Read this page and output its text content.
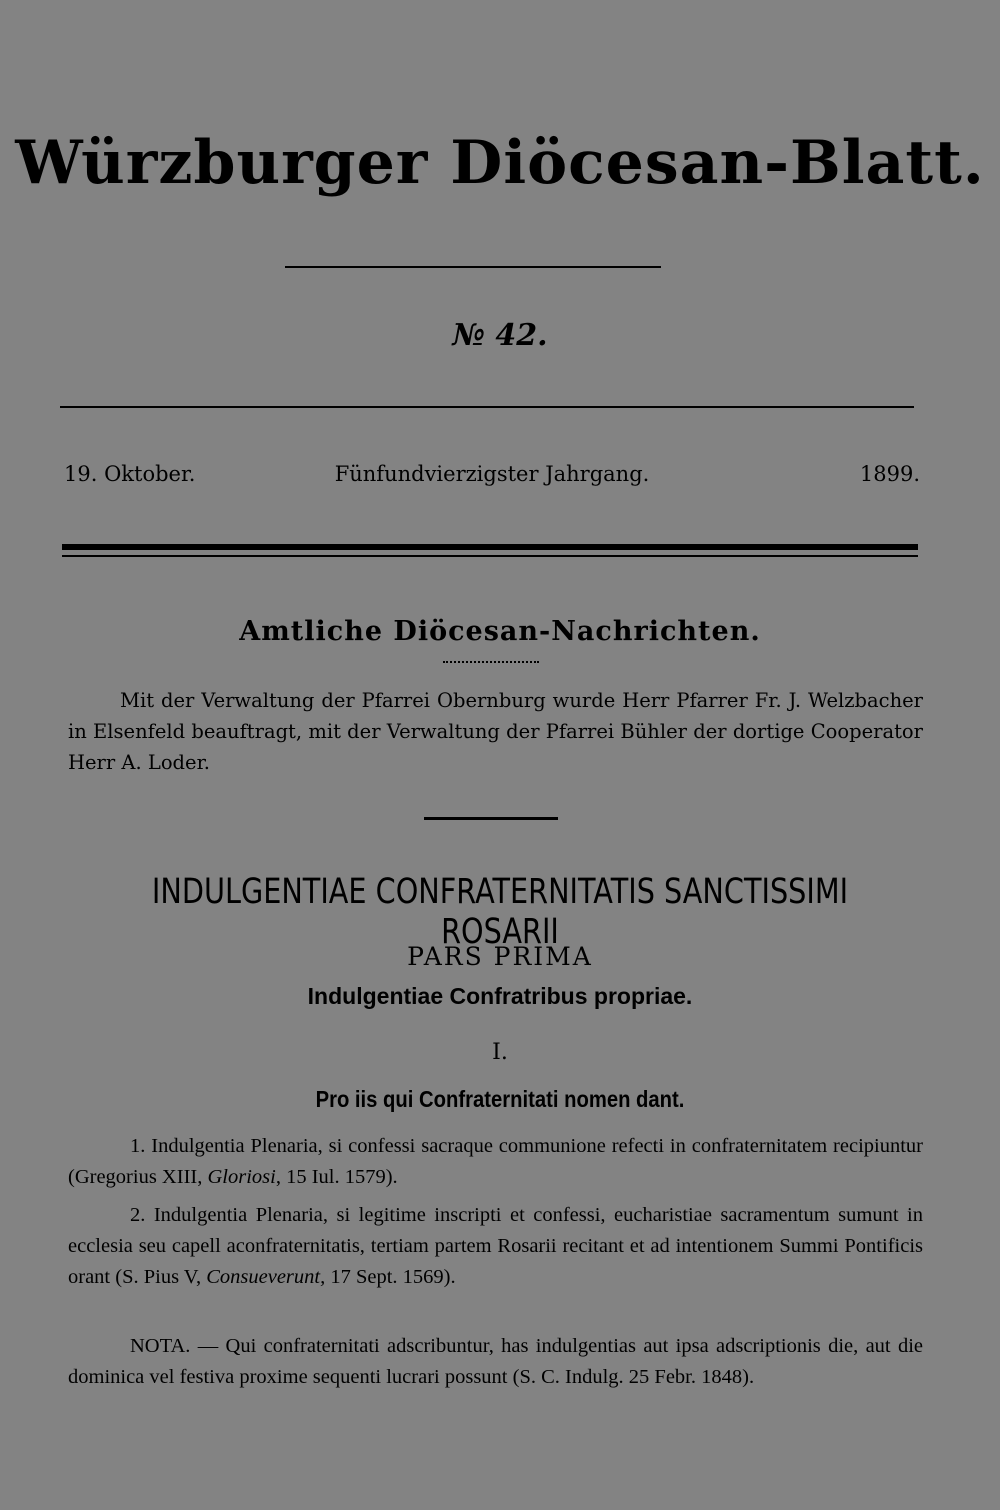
Würzburger Diöcesan-Blatt.
№ 42.
19. Oktober.	Fünfundvierzigster Jahrgang.	1899.
Amtliche Diöcesan-Nachrichten.
Mit der Verwaltung der Pfarrei Obernburg wurde Herr Pfarrer Fr. J. Welzbacher in Elsenfeld beauftragt, mit der Verwaltung der Pfarrei Bühler der dortige Cooperator Herr A. Loder.
INDULGENTIAE CONFRATERNITATIS SANCTISSIMI ROSARII
PARS PRIMA
Indulgentiae Confratribus propriae.
I.
Pro iis qui Confraternitati nomen dant.
1. Indulgentia Plenaria, si confessi sacraque communione refecti in confraternitatem recipiuntur (Gregorius XIII, Gloriosi, 15 Iul. 1579).
2. Indulgentia Plenaria, si legitime inscripti et confessi, eucharistiae sacramentum sumunt in ecclesia seu capell aconfraternitatis, tertiam partem Rosarii recitant et ad intentionem Summi Pontificis orant (S. Pius V, Consueverunt, 17 Sept. 1569).
NOTA. — Qui confraternitati adscribuntur, has indulgentias aut ipsa adscriptionis die, aut die dominica vel festiva proxime sequenti lucrari possunt (S. C. Indulg. 25 Febr. 1848).
